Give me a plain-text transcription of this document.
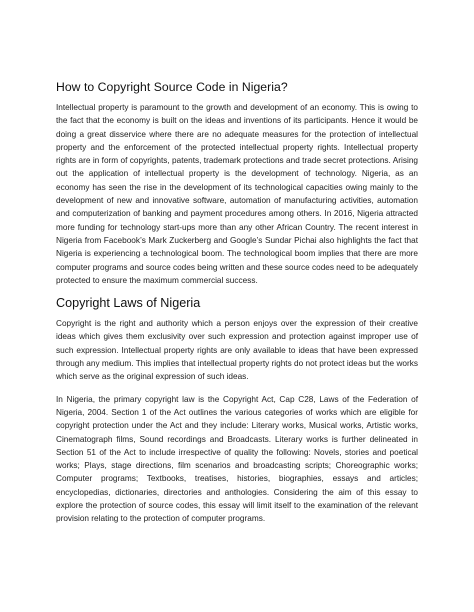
How to Copyright Source Code in Nigeria?

Intellectual property is paramount to the growth and development of an economy. This is owing to the fact that the economy is built on the ideas and inventions of its participants. Hence it would be doing a great disservice where there are no adequate measures for the protection of intellectual property and the enforcement of the protected intellectual property rights. Intellectual property rights are in form of copyrights, patents, trademark protections and trade secret protections. Arising out the application of intellectual property is the development of technology. Nigeria, as an economy has seen the rise in the development of its technological capacities owing mainly to the development of new and innovative software, automation of manufacturing activities, automation and computerization of banking and payment procedures among others. In 2016, Nigeria attracted more funding for technology start-ups more than any other African Country. The recent interest in Nigeria from Facebook’s Mark Zuckerberg and Google’s Sundar Pichai also highlights the fact that Nigeria is experiencing a technological boom. The technological boom implies that there are more computer programs and source codes being written and these source codes need to be adequately protected to ensure the maximum commercial success.

Copyright Laws of Nigeria

Copyright is the right and authority which a person enjoys over the expression of their creative ideas which gives them exclusivity over such expression and protection against improper use of such expression. Intellectual property rights are only available to ideas that have been expressed through any medium. This implies that intellectual property rights do not protect ideas but the works which serve as the original expression of such ideas.

In Nigeria, the primary copyright law is the Copyright Act, Cap C28, Laws of the Federation of Nigeria, 2004. Section 1 of the Act outlines the various categories of works which are eligible for copyright protection under the Act and they include: Literary works, Musical works, Artistic works, Cinematograph films, Sound recordings and Broadcasts. Literary works is further delineated in Section 51 of the Act to include irrespective of quality the following: Novels, stories and poetical works; Plays, stage directions, film scenarios and broadcasting scripts; Choreographic works; Computer programs; Textbooks, treatises, histories, biographies, essays and articles; encyclopedias, dictionaries, directories and anthologies. Considering the aim of this essay to explore the protection of source codes, this essay will limit itself to the examination of the relevant provision relating to the protection of computer programs.
